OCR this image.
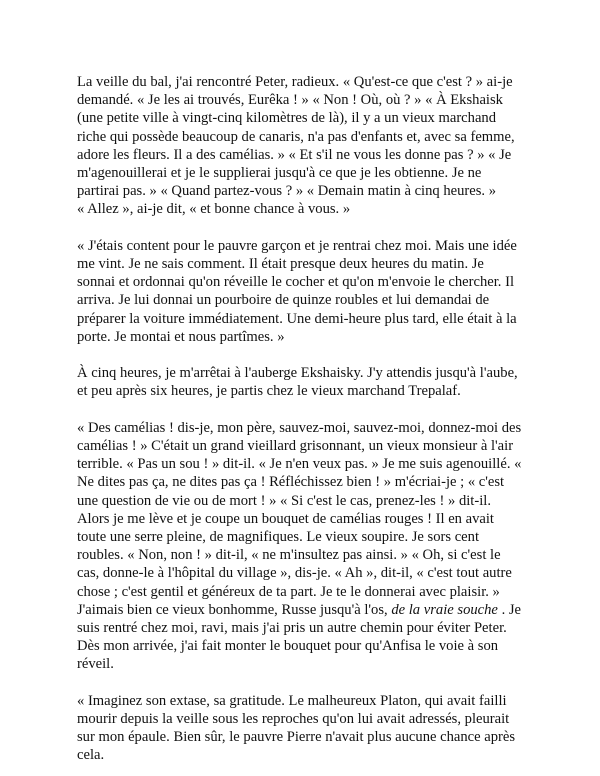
La veille du bal, j'ai rencontré Peter, radieux. « Qu'est-ce que c'est ? » ai-je
demandé. « Je les ai trouvés, Eurêka ! » « Non ! Où, où ? » « À Ekshaisk
(une petite ville à vingt-cinq kilomètres de là), il y a un vieux marchand
riche qui possède beaucoup de canaris, n'a pas d'enfants et, avec sa femme,
adore les fleurs. Il a des camélias. » « Et s'il ne vous les donne pas ? » « Je
m'agenouillerai et je le supplierai jusqu'à ce que je les obtienne. Je ne
partirai pas. » « Quand partez-vous ? » « Demain matin à cinq heures. »
« Allez », ai-je dit, « et bonne chance à vous. »

« J'étais content pour le pauvre garçon et je rentrai chez moi. Mais une idée
me vint. Je ne sais comment. Il était presque deux heures du matin. Je
sonnai et ordonnai qu'on réveille le cocher et qu'on m'envoie le chercher. Il
arriva. Je lui donnai un pourboire de quinze roubles et lui demandai de
préparer la voiture immédiatement. Une demi-heure plus tard, elle était à la
porte. Je montai et nous partîmes. »

À cinq heures, je m'arrêtai à l'auberge Ekshaisky. J'y attendis jusqu'à l'aube,
et peu après six heures, je partis chez le vieux marchand Trepalaf.

« Des camélias ! dis-je, mon père, sauvez-moi, sauvez-moi, donnez-moi des
camélias ! » C'était un grand vieillard grisonnant, un vieux monsieur à l'air
terrible. « Pas un sou ! » dit-il. « Je n'en veux pas. » Je me suis agenouillé. «
Ne dites pas ça, ne dites pas ça ! Réfléchissez bien ! » m'écriai-je ; « c'est
une question de vie ou de mort ! » « Si c'est le cas, prenez-les ! » dit-il.
Alors je me lève et je coupe un bouquet de camélias rouges ! Il en avait
toute une serre pleine, de magnifiques. Le vieux soupire. Je sors cent
roubles. « Non, non ! » dit-il, « ne m'insultez pas ainsi. » « Oh, si c'est le
cas, donne-le à l'hôpital du village », dis-je. « Ah », dit-il, « c'est tout autre
chose ; c'est gentil et généreux de ta part. Je te le donnerai avec plaisir. »
J'aimais bien ce vieux bonhomme, Russe jusqu'à l'os, de la vraie souche . Je
suis rentré chez moi, ravi, mais j'ai pris un autre chemin pour éviter Peter.
Dès mon arrivée, j'ai fait monter le bouquet pour qu'Anfisa le voie à son
réveil.

« Imaginez son extase, sa gratitude. Le malheureux Platon, qui avait failli
mourir depuis la veille sous les reproches qu'on lui avait adressés, pleurait
sur mon épaule. Bien sûr, le pauvre Pierre n'avait plus aucune chance après
cela.
